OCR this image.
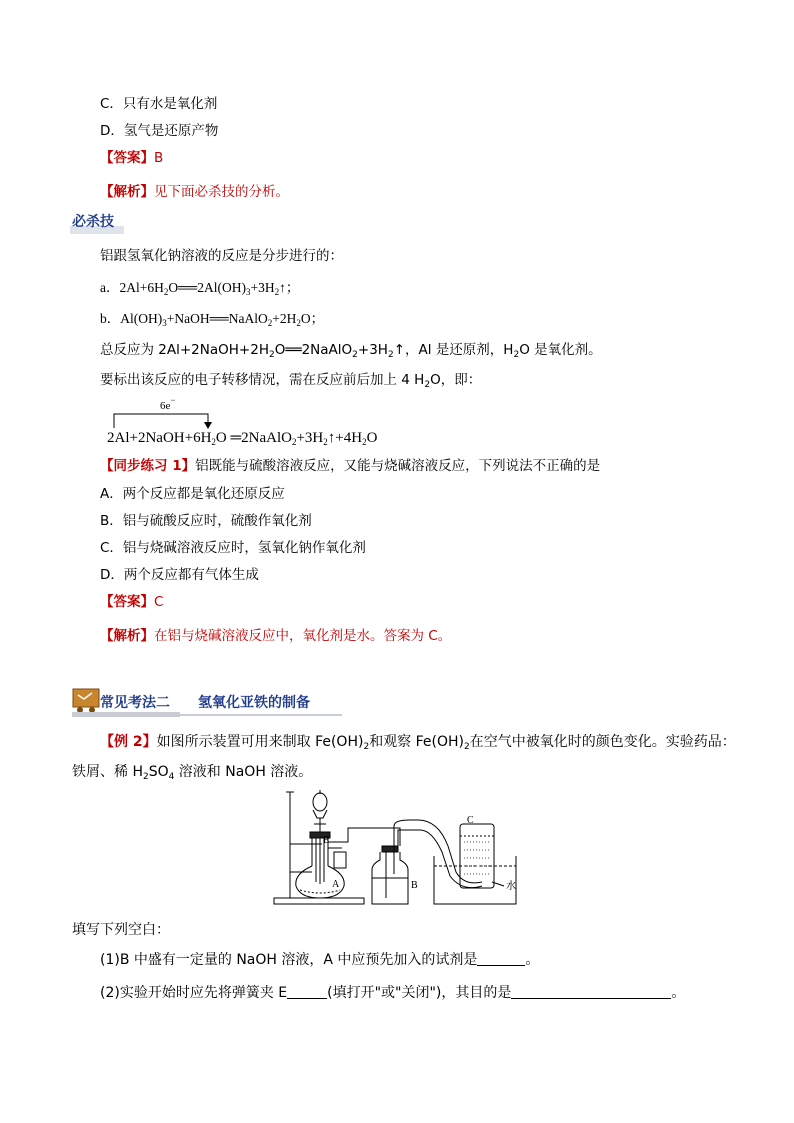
C．只有水是氧化剂
D．氢气是还原产物
【答案】B
【解析】见下面必杀技的分析。
必杀技
铝跟氢氧化钠溶液的反应是分步进行的：
a．$2Al+6H_2O══2Al(OH)_3+3H_2↑$；
b．$Al(OH)_3+NaOH══NaAlO_2+2H_2O$；
总反应为 $2Al+2NaOH+2H_2O══2NaAlO_2+3H_2↑$，Al 是还原剂，$H_2O$ 是氧化剂。
要标出该反应的电子转移情况，需在反应前后加上 4 $H_2O$，即：
6e−
$2Al+2NaOH+6H_2O$ $═2NaAlO_2+3H_2↑+4H_2O$
【同步练习 1】铝既能与硫酸溶液反应，又能与烧碱溶液反应，下列说法不正确的是
A．两个反应都是氧化还原反应
B．铝与硫酸反应时，硫酸作氧化剂
C．铝与烧碱溶液反应时，氢氧化钠作氧化剂
D．两个反应都有气体生成
【答案】C
【解析】在铝与烧碱溶液反应中，氧化剂是水。答案为 C。
常见考法二 氢氧化亚铁的制备
【例 2】如图所示装置可用来制取 $Fe(OH)_2$和观察 $Fe(OH)_2$在空气中被氧化时的颜色变化。实验药品：
铁屑、稀 $H_2SO_4$ 溶液和 NaOH 溶液。
E
A	B
C
水
填写下列空白：
(1)B 中盛有一定量的 NaOH 溶液，A 中应预先加入的试剂是	。
(2)实验开始时应先将弹簧夹 E	(填打开"或"关闭")，其目的是	。
